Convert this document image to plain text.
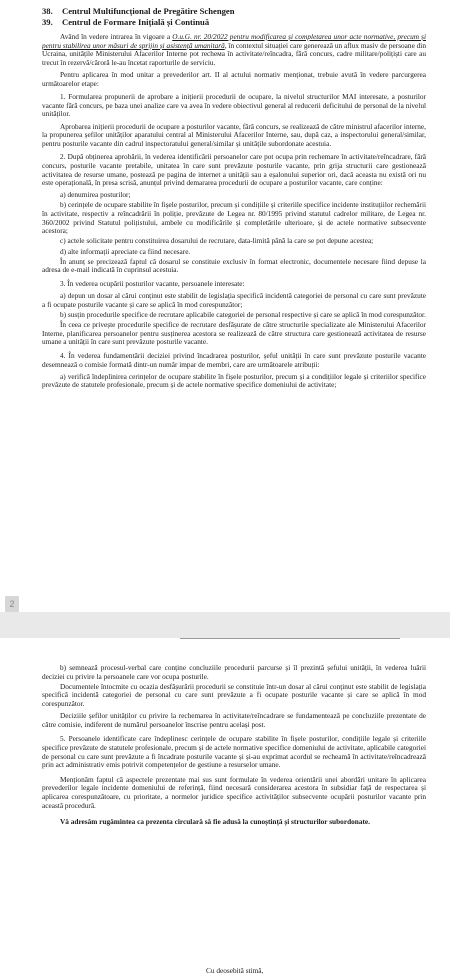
38. Centrul Multifuncțional de Pregătire Schengen
39. Centrul de Formare Inițială și Continuă

Având în vedere intrarea în vigoare a O.u.G. nr. 20/2022 pentru modificarea și completarea unor acte normative, precum și pentru stabilirea unor măsuri de sprijin și asistență umanitară, în contextul situației care generează un aflux masiv de persoane din Ucraina, unitățile Ministerului Afacerilor Interne pot recheма în activitate/reîncadra, fără concurs, cadre militare/polițiști care au trecut în rezervă/căroră le-au încetat raporturile de serviciu.

Pentru aplicarea în mod unitar a prevederilor art. II al actului normativ menționat, trebuie avută în vedere parcurgerea următoarelor etape:

1. Formularea propunerii de aprobare a inițierii procedurii de ocupare, la nivelul structurilor MAI interesate, a posturilor vacante fără concurs, pe baza unei analize care va avea în vedere obiectivul general al reducerii deficitului de personal de la nivelul unităților.

Aprobarea inițierii procedurii de ocupare a posturilor vacante, fără concurs, se realizează de către ministrul afacerilor interne, la propunerea șefilor unităților aparatului central al Ministerului Afacerilor Interne, sau, după caz, a inspectorului general/similar, pentru posturile vacante din cadrul inspectoratului general/similar și unitățile subordonate acestuia.

2. După obținerea aprobării, în vederea identificării persoanelor care pot ocupa prin rechemare în activitate/reîncadrare, fără concurs, posturile vacante pretabile, unitatea în care sunt prevăzute posturile vacante, prin grija structurii care gestionează activitatea de resurse umane, postează pe pagina de internet a unității sau a eșalonului superior ori, dacă aceasta nu există ori nu este operațională, în presa scrisă, anunțul privind demararea procedurii de ocupare a posturilor vacante, care conține:

a) denumirea posturilor;

b) cerințele de ocupare stabilite în fișele posturilor, precum și condițiile și criteriile specifice incidente instituțiilor rechemării în activitate, respectiv a reîncadrării în poliție, prevăzute de Legea nr. 80/1995 privind statutul cadrelor militare, de Legea nr. 360/2002 privind Statutul polițistului, ambele cu modificările și completările ulterioare, și de actele normative subsecvente acestora;

c) actele solicitate pentru constituirea dosarului de recrutare, data-limită până la care se pot depune acestea;

d) alte informații apreciate ca fiind necesare.

În anunț se precizează faptul că dosarul se constituie exclusiv în format electronic, documentele necesare fiind depuse la adresa de e-mail indicată în cuprinsul acestuia.

3. În vederea ocupării posturilor vacante, persoanele interesate:

a) depun un dosar al cărui conținut este stabilit de legislația specifică incidentă categoriei de personal cu care sunt prevăzute a fi ocupate posturile vacante și care se aplică în mod corespunzător;

b) susțin procedurile specifice de recrutare aplicabile categoriei de personal respective și care se aplică în mod corespunzător.

În ceea ce privește procedurile specifice de recrutare desfășurate de către structurile specializate ale Ministerului Afacerilor Interne, planificarea persoanelor pentru susținerea acestora se realizează de către structura care gestionează activitatea de resurse umane a unității în care sunt prevăzute posturile vacante.

4. În vederea fundamentării deciziei privind încadrarea posturilor, șeful unității în care sunt prevăzute posturile vacante desemnează o comisie formată dintr-un număr impar de membri, care are următoarele atribuții:

a) verifică îndeplinirea cerințelor de ocupare stabilite în fișele posturilor, precum și a condițiilor legale și criteriilor specifice prevăzute de statutele profesionale, precum și de actele normative specifice domeniului de activitate;

2

b) semnează procesul-verbal care conține concluziile procedurii parcurse și îl prezintă șefului unității, în vederea luării deciziei cu privire la persoanele care vor ocupa posturile.

Documentele întocmite cu ocazia desfășurării procedurii se constituie într-un dosar al cărui conținut este stabilit de legislația specifică incidentă categoriei de personal cu care sunt prevăzute a fi ocupate posturile vacante și care se aplică în mod corespunzător.

Deciziile șefilor unităților cu privire la rechemarea în activitate/reîncadrare se fundamentează pe concluziile prezentate de către comisie, indiferent de numărul persoanelor înscrise pentru același post.

5. Persoanele identificate care îndeplinesc cerințele de ocupare stabilite în fișele posturilor, condițiile legale și criteriile specifice prevăzute de statutele profesionale, precum și de actele normative specifice domeniului de activitate, aplicabile categoriei de personal cu care sunt prevăzute a fi încadrate posturile vacante și și-au exprimat acordul se recheamă în activitate/reîncadrează prin act administrativ emis potrivit competențelor de gestiune a resurselor umane.

Menționăm faptul că aspectele prezentate mai sus sunt formulate în vederea orientării unei abordări unitare în aplicarea prevederilor legale incidente domeniului de referință, fiind necesară considerarea acestora în subsidiar față de respectarea și aplicarea corespunzătoare, cu prioritate, a normelor juridice specifice activităților subsecvente ocupării posturilor vacante prin această procedură.

Vă adresăm rugămintea ca prezenta circulară să fie adusă la cunoștință și structurilor subordonate.

Cu deosebită stimă,
